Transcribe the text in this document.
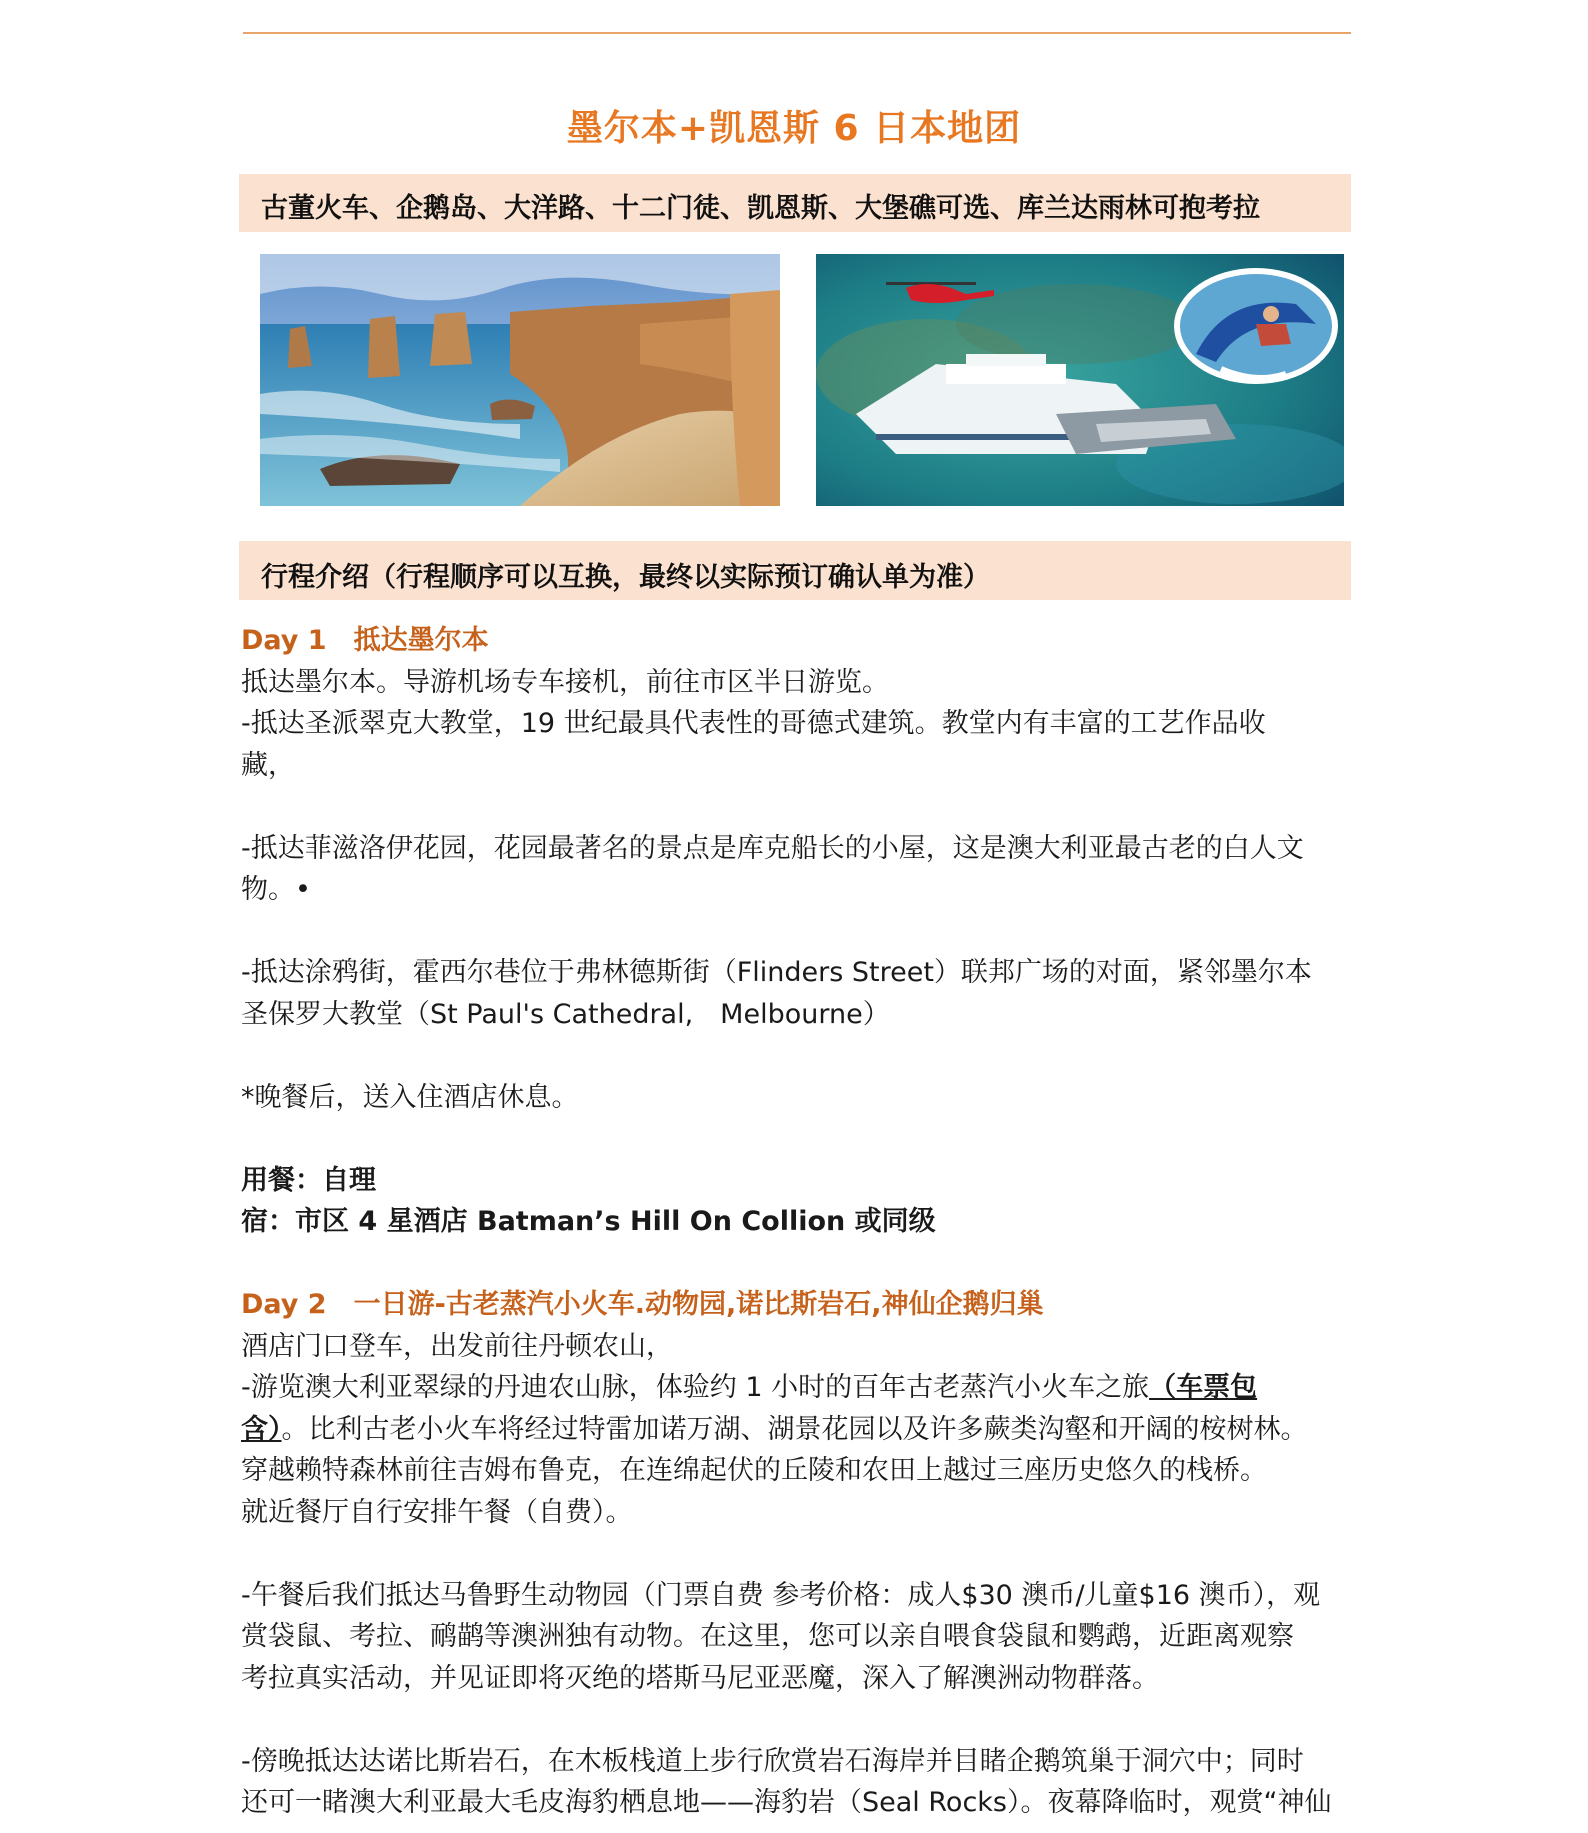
墨尔本+凯恩斯 6 日本地团
古董火车、企鹅岛、大洋路、十二门徒、凯恩斯、大堡礁可选、库兰达雨林可抱考拉
行程介绍（行程顺序可以互换，最终以实际预订确认单为准）
Day 1　抵达墨尔本
抵达墨尔本。导游机场专车接机，前往市区半日游览。
-抵达圣派翠克大教堂，19 世纪最具代表性的哥德式建筑。教堂内有丰富的工艺作品收
藏，
-抵达菲滋洛伊花园，花园最著名的景点是库克船长的小屋，这是澳大利亚最古老的白人文
物。•
-抵达涂鸦街，霍西尔巷位于弗林德斯街（Flinders Street）联邦广场的对面，紧邻墨尔本
圣保罗大教堂（St Paul's Cathedral,　Melbourne）
*晚餐后，送入住酒店休息。
用餐：自理
宿：市区 4 星酒店 Batman’s Hill On Collion 或同级
Day 2　一日游-古老蒸汽小火车.动物园,诺比斯岩石,神仙企鹅归巢
酒店门口登车，出发前往丹顿农山，
-游览澳大利亚翠绿的丹迪农山脉，体验约 1 小时的百年古老蒸汽小火车之旅（车票包
含）。比利古老小火车将经过特雷加诺万湖、湖景花园以及许多蕨类沟壑和开阔的桉树林。
穿越赖特森林前往吉姆布鲁克，在连绵起伏的丘陵和农田上越过三座历史悠久的栈桥。
就近餐厅自行安排午餐（自费）。
-午餐后我们抵达马鲁野生动物园（门票自费 参考价格：成人$30 澳币/儿童$16 澳币），观
赏袋鼠、考拉、鸸鹋等澳洲独有动物。在这里，您可以亲自喂食袋鼠和鹦鹉，近距离观察
考拉真实活动，并见证即将灭绝的塔斯马尼亚恶魔，深入了解澳洲动物群落。
-傍晚抵达达诺比斯岩石，在木板栈道上步行欣赏岩石海岸并目睹企鹅筑巢于洞穴中；同时
还可一睹澳大利亚最大毛皮海豹栖息地——海豹岩（Seal Rocks）。夜幕降临时，观赏“神仙
